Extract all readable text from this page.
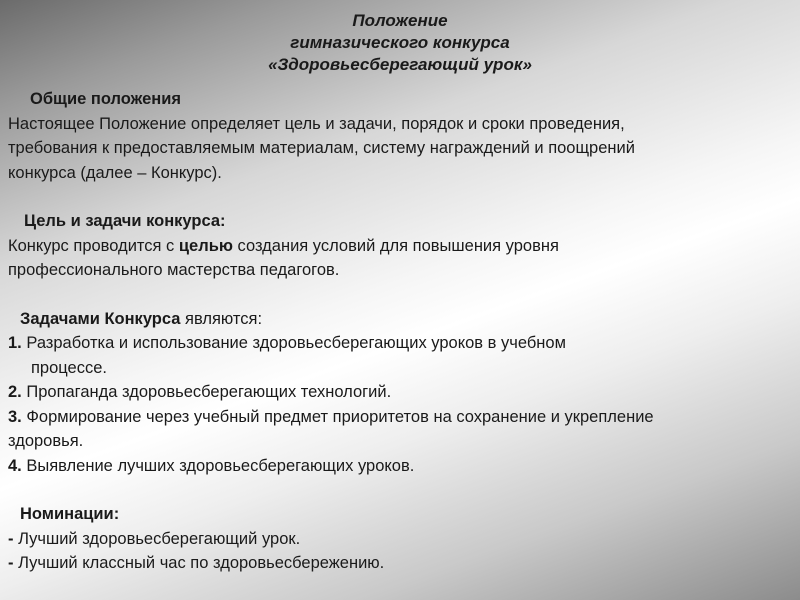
Положение
гимназического конкурса
«Здоровьесберегающий урок»
Общие положения
Настоящее Положение определяет цель и задачи, порядок и сроки проведения,
требования к предоставляемым материалам, систему награждений и поощрений
конкурса (далее – Конкурс).
Цель и задачи конкурса:
Конкурс проводится с целью создания условий для повышения уровня
профессионального мастерства педагогов.
Задачами Конкурса являются:
1. Разработка и использование здоровьесберегающих уроков в учебном
процессе.
2. Пропаганда здоровьесберегающих технологий.
3. Формирование через учебный предмет приоритетов на сохранение и укрепление
здоровья.
4. Выявление лучших здоровьесберегающих уроков.
Номинации:
- Лучший здоровьесберегающий урок.
- Лучший классный час по здоровьесбережению.
